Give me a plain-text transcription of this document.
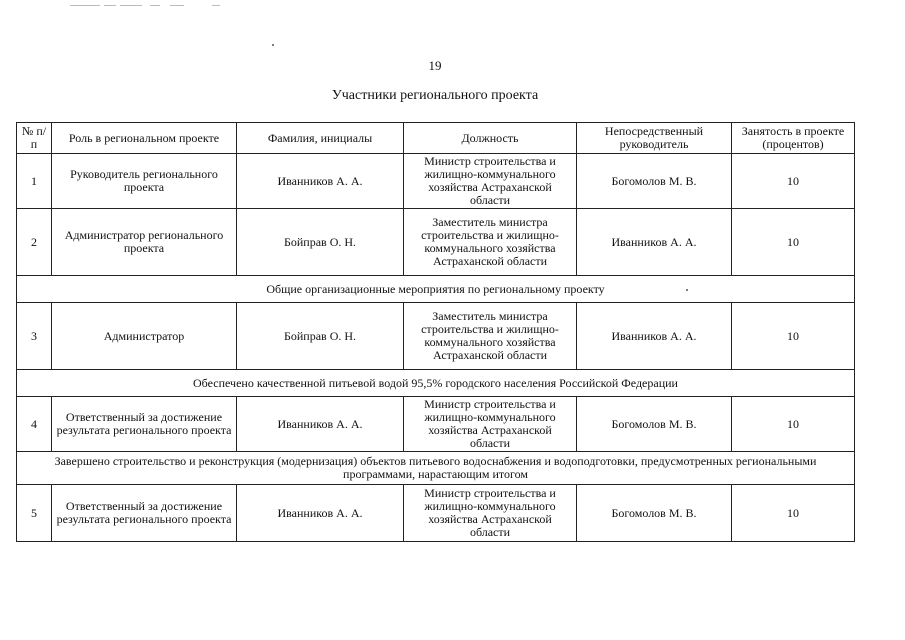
19
Участники регионального проекта
№ п/п	Роль в региональном проекте	Фамилия, инициалы	Должность	Непосредственный руководитель	Занятость в проекте (процентов)
1	Руководитель регионального проекта	Иванников А. А.	Министр строительства и жилищно-коммунального хозяйства Астраханской области	Богомолов М. В.	10
2	Администратор регионального проекта	Бойправ О. Н.	Заместитель министра строительства и жилищно-коммунального хозяйства Астраханской области	Иванников А. А.	10
Общие организационные мероприятия по региональному проекту					
3	Администратор	Бойправ О. Н.	Заместитель министра строительства и жилищно-коммунального хозяйства Астраханской области	Иванников А. А.	10
Обеспечено качественной питьевой водой 95,5% городского населения Российской Федерации					
4	Ответственный за достижение результата регионального проекта	Иванников А. А.	Министр строительства и жилищно-коммунального хозяйства Астраханской области	Богомолов М. В.	10
Завершено строительство и реконструкция (модернизация) объектов питьевого водоснабжения и водоподготовки, предусмотренных региональными программами, нарастающим итогом					
5	Ответственный за достижение результата регионального проекта	Иванников А. А.	Министр строительства и жилищно-коммунального хозяйства Астраханской области	Богомолов М. В.	10
